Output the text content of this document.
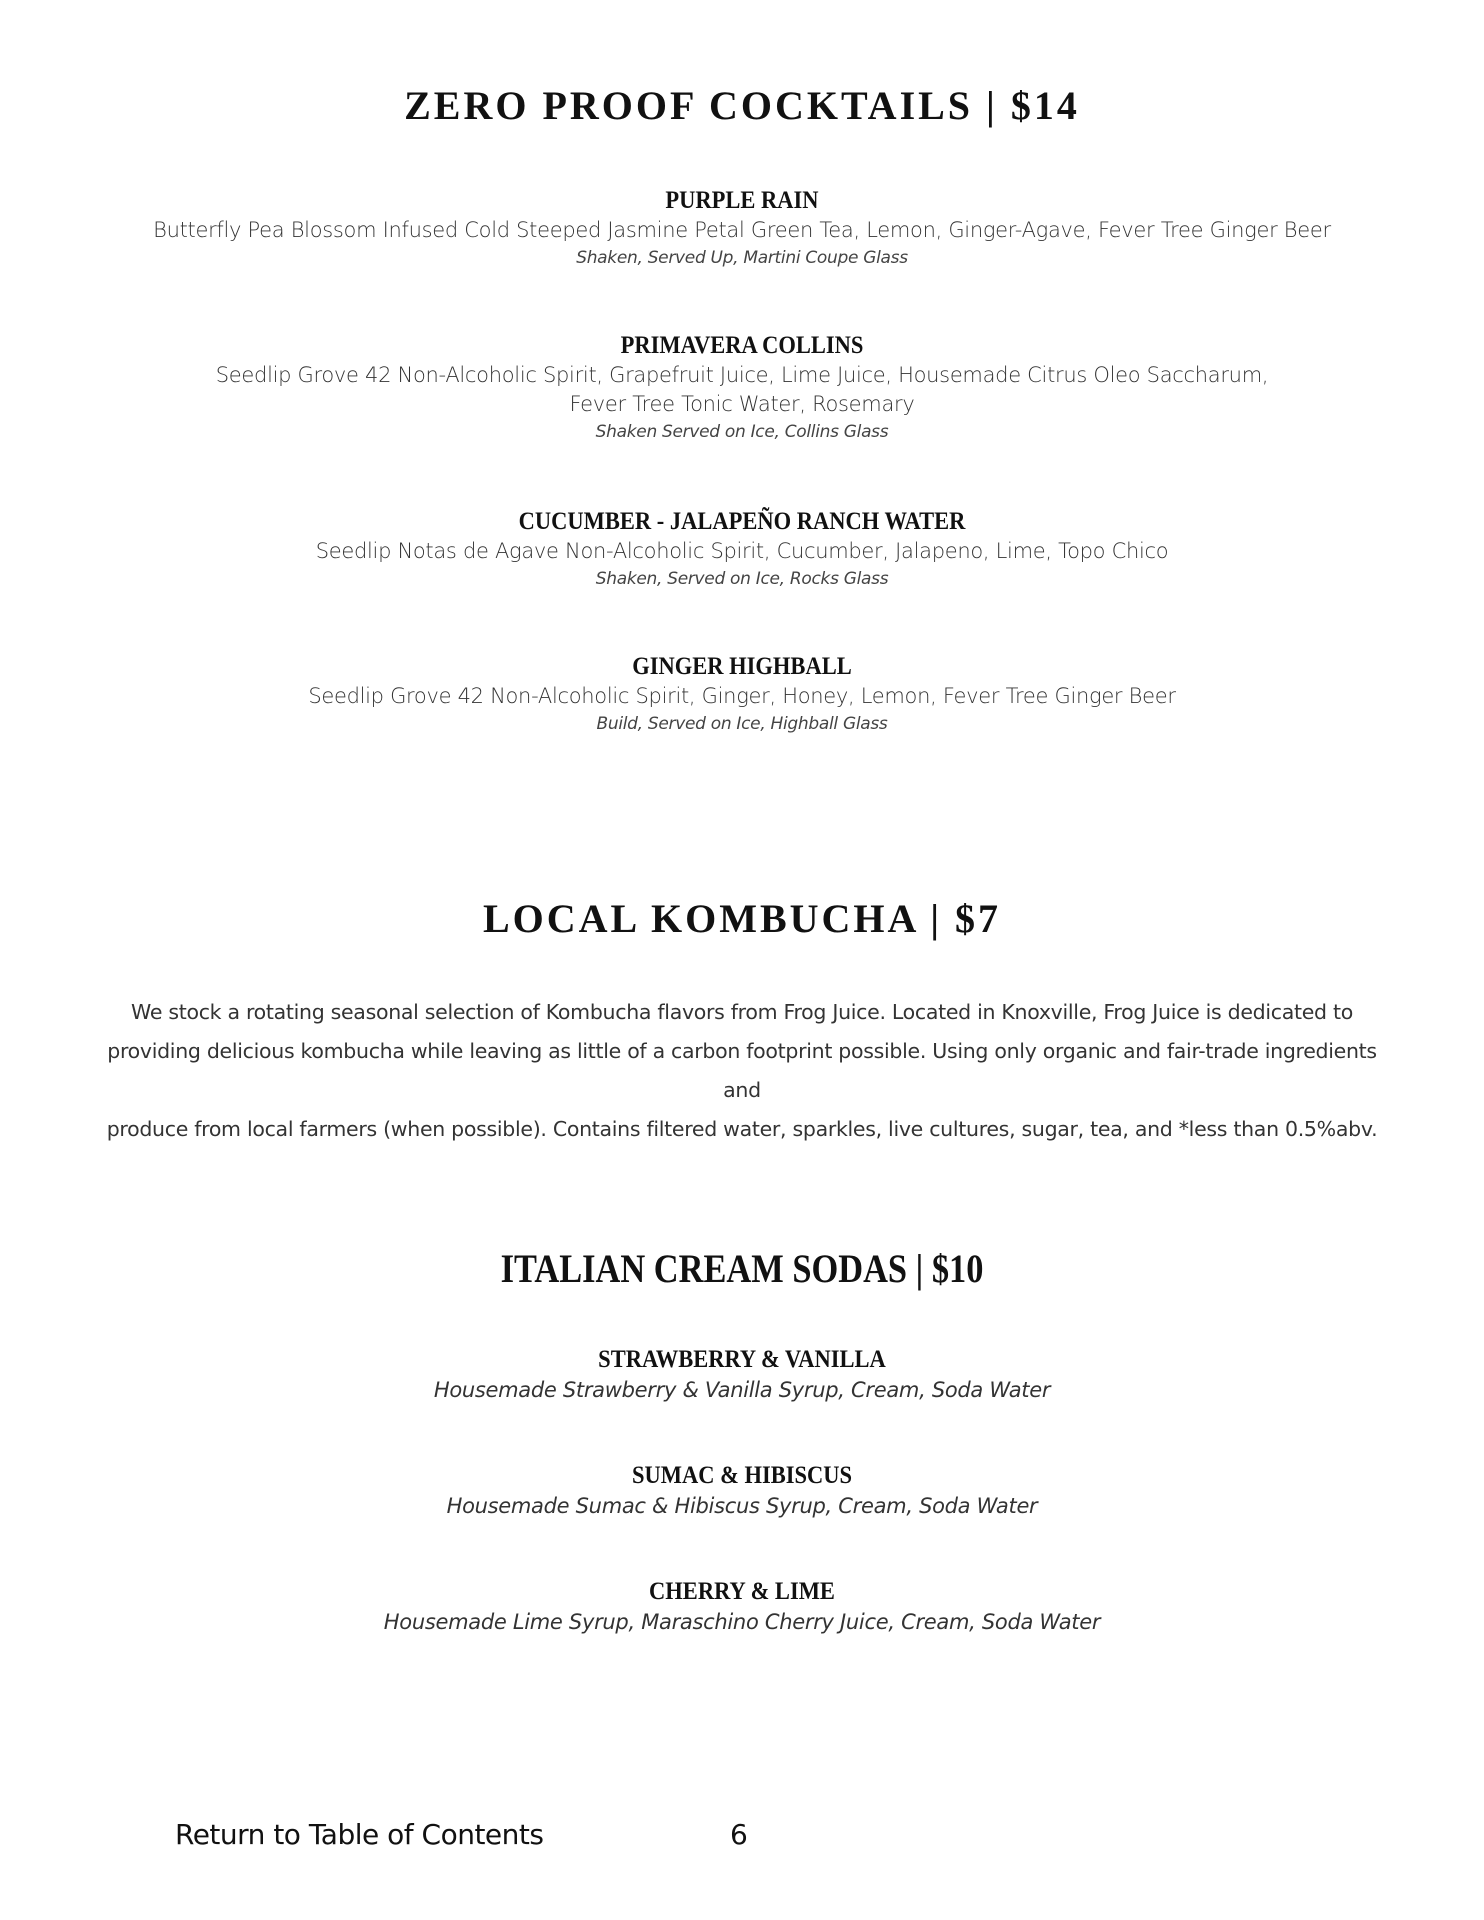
ZERO PROOF COCKTAILS | $14
PURPLE RAIN
Butterfly Pea Blossom Infused Cold Steeped Jasmine Petal Green Tea, Lemon, Ginger-Agave, Fever Tree Ginger Beer
Shaken, Served Up, Martini Coupe Glass
PRIMAVERA COLLINS
Seedlip Grove 42 Non-Alcoholic Spirit, Grapefruit Juice, Lime Juice, Housemade Citrus Oleo Saccharum,
Fever Tree Tonic Water, Rosemary
Shaken Served on Ice, Collins Glass
CUCUMBER - JALAPEÑO RANCH WATER
Seedlip Notas de Agave Non-Alcoholic Spirit, Cucumber, Jalapeno, Lime, Topo Chico
Shaken, Served on Ice, Rocks Glass
GINGER HIGHBALL
Seedlip Grove 42 Non-Alcoholic Spirit, Ginger, Honey, Lemon, Fever Tree Ginger Beer
Build, Served on Ice, Highball Glass
LOCAL KOMBUCHA | $7
We stock a rotating seasonal selection of Kombucha flavors from Frog Juice. Located in Knoxville, Frog Juice is dedicated to
providing delicious kombucha while leaving as little of a carbon footprint possible. Using only organic and fair-trade ingredients and
produce from local farmers (when possible). Contains filtered water, sparkles, live cultures, sugar, tea, and *less than 0.5%abv.
ITALIAN CREAM SODAS | $10
STRAWBERRY & VANILLA
Housemade Strawberry & Vanilla Syrup, Cream, Soda Water
SUMAC & HIBISCUS
Housemade Sumac & Hibiscus Syrup, Cream, Soda Water
CHERRY & LIME
Housemade Lime Syrup, Maraschino Cherry Juice, Cream, Soda Water
Return to Table of Contents	6
